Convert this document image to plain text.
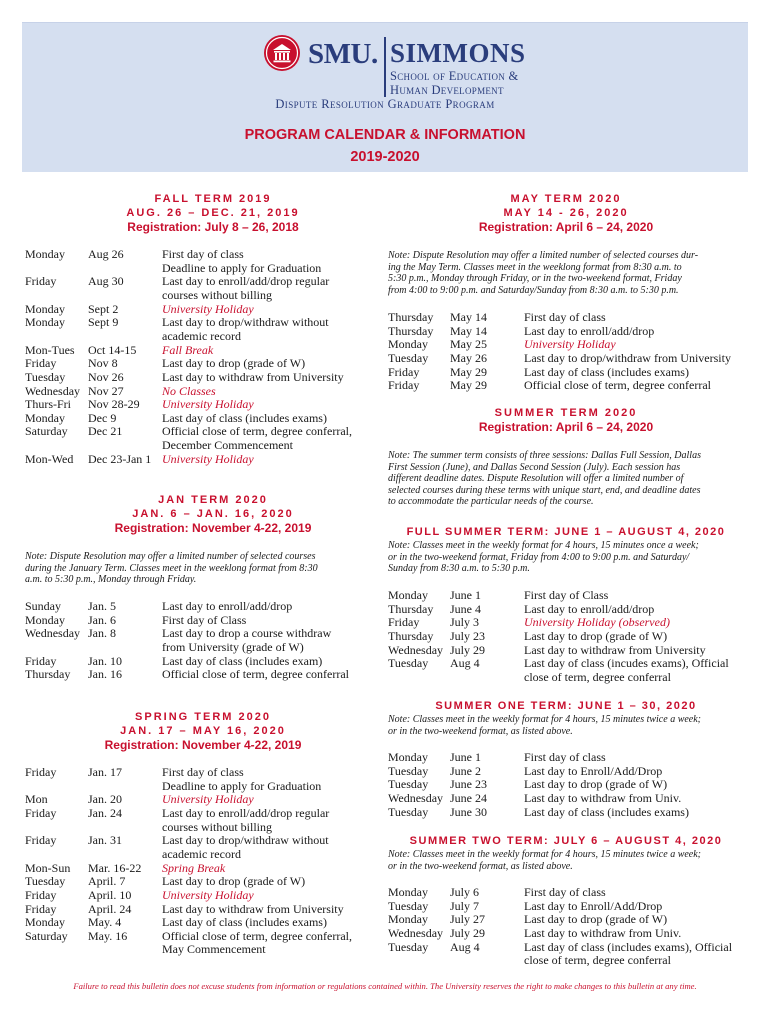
SMU. SIMMONS
School of Education &
Human Development
Dispute Resolution Graduate Program
PROGRAM CALENDAR & INFORMATION
2019-2020
FALL TERM 2019
AUG. 26 – DEC. 21, 2019
Registration: July 8 – 26, 2018
Monday Aug 26	First day of class
Deadline to apply for Graduation
Friday	Aug 30	Last day to enroll/add/drop regular
courses without billing
Monday Sept 2	University Holiday
Monday Sept 9	Last day to drop/withdraw without
academic record
Mon-Tues Oct 14-15 Fall Break
Friday	Nov 8	Last day to drop (grade of W)
Tuesday Nov 26	Last day to withdraw from University
Wednesday Nov 27	No Classes
Thurs-Fri Nov 28-29 University Holiday
Monday Dec 9	Last day of class (includes exams)
Saturday Dec 21	Official close of term, degree conferral,
December Commencement
Mon-Wed Dec 23-Jan 1 University Holiday
JAN TERM 2020
JAN. 6 – JAN. 16, 2020
Registration: November 4-22, 2019
Note: Dispute Resolution may offer a limited number of selected courses
during the January Term. Classes meet in the weeklong format from 8:30
a.m. to 5:30 p.m., Monday through Friday.
Sunday Jan. 5	Last day to enroll/add/drop
Monday Jan. 6	First day of Class
Wednesday Jan. 8	Last day to drop a course withdraw
from University (grade of W)
Friday	Jan. 10	Last day of class (includes exam)
Thursday Jan. 16	Official close of term, degree conferral
SPRING TERM 2020
JAN. 17 – MAY 16, 2020
Registration: November 4-22, 2019
Friday	Jan. 17	First day of class
Deadline to apply for Graduation
Mon	Jan. 20	University Holiday
Friday	Jan. 24	Last day to enroll/add/drop regular
courses without billing
Friday	Jan. 31	Last day to drop/withdraw without
academic record
Mon-Sun Mar. 16-22 Spring Break
Tuesday April. 7	Last day to drop (grade of W)
Friday	April. 10	University Holiday
Friday	April. 24	Last day to withdraw from University
Monday May. 4	Last day of class (includes exams)
Saturday May. 16	Official close of term, degree conferral,
May Commencement
MAY TERM 2020
MAY 14 - 26, 2020
Registration: April 6 – 24, 2020
Note: Dispute Resolution may offer a limited number of selected courses dur-
ing the May Term. Classes meet in the weeklong format from 8:30 a.m. to
5:30 p.m., Monday through Friday, or in the two-weekend format, Friday
from 4:00 to 9:00 p.m. and Saturday/Sunday from 8:30 a.m. to 5:30 p.m.
Thursday May 14	First day of class
Thursday May 14	Last day to enroll/add/drop
Monday May 25	University Holiday
Tuesday May 26	Last day to drop/withdraw from University
Friday	May 29	Last day of class (includes exams)
Friday	May 29	Official close of term, degree conferral
SUMMER TERM 2020
Registration: April 6 – 24, 2020
Note: The summer term consists of three sessions: Dallas Full Session, Dallas
First Session (June), and Dallas Second Session (July). Each session has
different deadline dates. Dispute Resolution will offer a limited number of
selected courses during these terms with unique start, end, and deadline dates
to accommodate the particular needs of the course.
FULL SUMMER TERM: JUNE 1 – AUGUST 4, 2020
Note: Classes meet in the weekly format for 4 hours, 15 minutes once a week;
or in the two-weekend format, Friday from 4:00 to 9:00 p.m. and Saturday/
Sunday from 8:30 a.m. to 5:30 p.m.
Monday June 1	First day of Class
Thursday June 4	Last day to enroll/add/drop
Friday	July 3	University Holiday (observed)
Thursday July 23	Last day to drop (grade of W)
Wednesday July 29	Last day to withdraw from University
Tuesday Aug 4	Last day of class (incudes exams), Official
close of term, degree conferral
SUMMER ONE TERM: JUNE 1 – 30, 2020
Note: Classes meet in the weekly format for 4 hours, 15 minutes twice a week;
or in the two-weekend format, as listed above.
Monday June 1	First day of class
Tuesday June 2	Last day to Enroll/Add/Drop
Tuesday June 23	Last day to drop (grade of W)
Wednesday June 24	Last day to withdraw from Univ.
Tuesday June 30	Last day of class (includes exams)
SUMMER TWO TERM: JULY 6 – AUGUST 4, 2020
Note: Classes meet in the weekly format for 4 hours, 15 minutes twice a week;
or in the two-weekend format, as listed above.
Monday July 6	First day of class
Tuesday July 7	Last day to Enroll/Add/Drop
Monday July 27	Last day to drop (grade of W)
Wednesday July 29	Last day to withdraw from Univ.
Tuesday Aug 4	Last day of class (includes exams), Official
close of term, degree conferral
Failure to read this bulletin does not excuse students from information or regulations contained within. The University reserves the right to make changes to this bulletin at any time.
